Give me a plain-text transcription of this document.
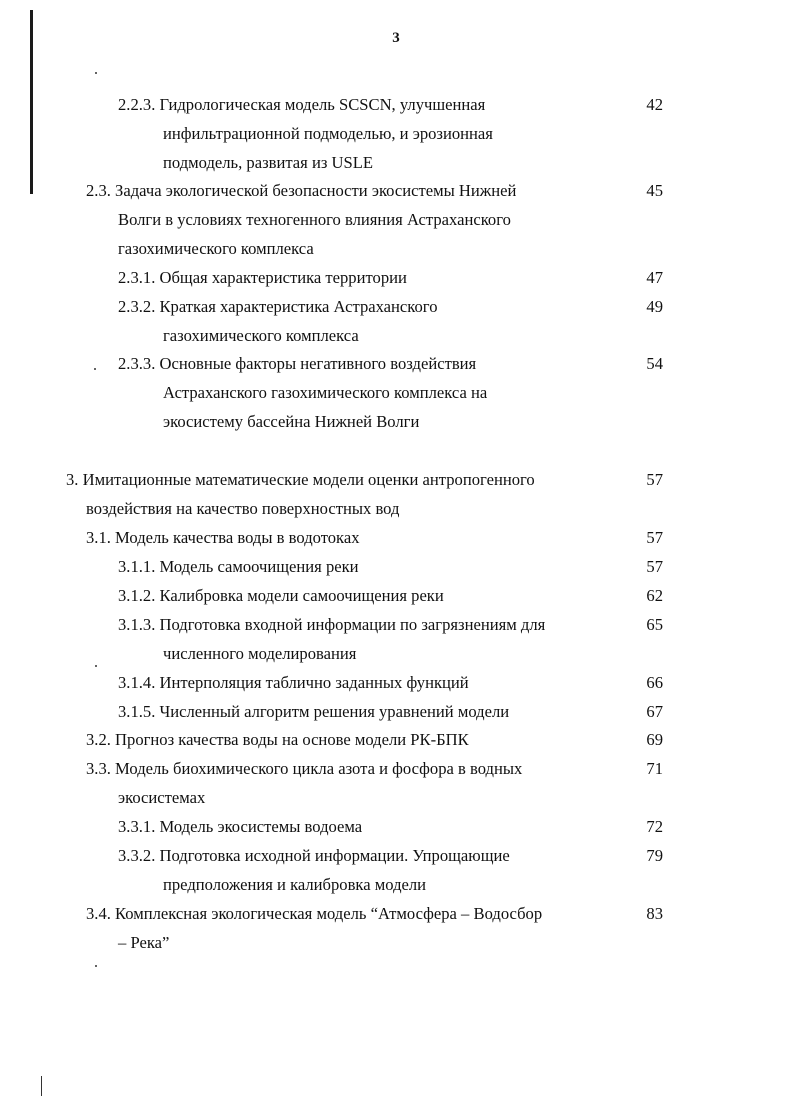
3
2.2.3. Гидрологическая модель SCSCN, улучшенная
инфильтрационной подмоделью, и эрозионная
подмодель, развитая из USLE
42
2.3. Задача экологической безопасности экосистемы Нижней
Волги в условиях техногенного влияния Астраханского
газохимического комплекса
45
2.3.1. Общая характеристика территории	47
2.3.2. Краткая характеристика Астраханского
газохимического комплекса
49
2.3.3. Основные факторы негативного воздействия
Астраханского газохимического комплекса на
экосистему бассейна Нижней Волги
54
3. Имитационные математические модели оценки антропогенного
воздействия на качество поверхностных вод
57
3.1. Модель качества воды в водотоках	57
3.1.1. Модель самоочищения реки	57
3.1.2. Калибровка модели самоочищения реки	62
3.1.3. Подготовка входной информации по загрязнениям для
численного моделирования
65
3.1.4. Интерполяция таблично заданных функций	66
3.1.5. Численный алгоритм решения уравнений модели	67
3.2. Прогноз качества воды на основе модели РК-БПК	69
3.3. Модель биохимического цикла азота и фосфора в водных
экосистемах
71
3.3.1. Модель экосистемы водоема	72
3.3.2. Подготовка исходной информации. Упрощающие
предположения и калибровка модели
79
3.4. Комплексная экологическая модель “Атмосфера – Водосбор
– Река”
83
